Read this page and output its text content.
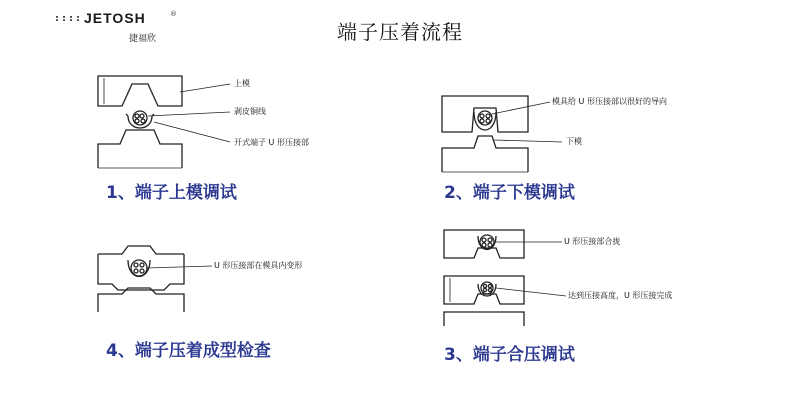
:::: JETOSH	®
捷福欣	端子压着流程
上模
剥皮铜线
开式端子 U 形压接部
1、端子上模调试
模具给 U 形压接部以很好的导向
下模
2、端子下模调试
U 形压接部在模具内变形
4、端子压着成型检查
U 形压接部合拢
达到压接高度，U 形压接完成
3、端子合压调试
